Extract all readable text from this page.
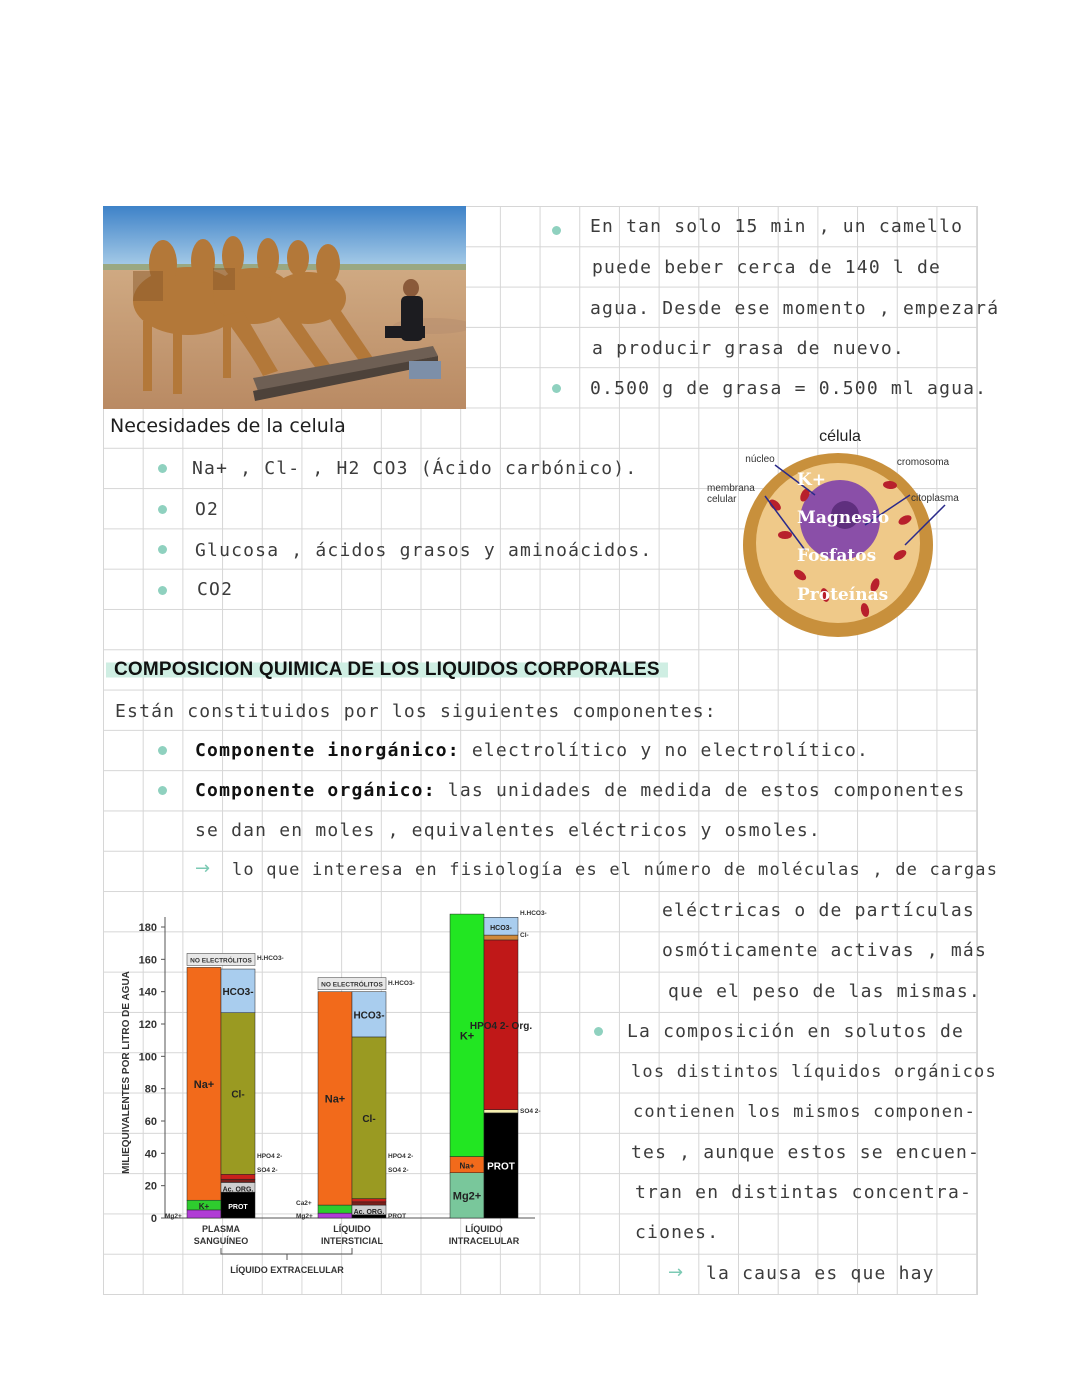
En tan solo 15 min , un camello
puede beber cerca de 140 l de
agua. Desde ese momento , empezará
a producir grasa de nuevo.
0.500 g de grasa = 0.500 ml agua.
Necesidades de la celula
Na+ , Cl- , H2 CO3 (Ácido carbónico).
O2
Glucosa , ácidos grasos y aminoácidos.
CO2
célula
núcleo	cromosoma
membrana celular	citoplasma
K+
Magnesio
Fosfatos
Proteínas
COMPOSICION QUIMICA DE LOS LIQUIDOS CORPORALES
Están constituidos por los siguientes componentes:
Componente inorgánico: electrolítico y no electrolítico.
Componente orgánico: las unidades de medida de estos componentes
se dan en moles , equivalentes eléctricos y osmoles.
→ lo que interesa en fisiología es el número de moléculas , de cargas
eléctricas o de partículas
osmóticamente activas , más
que el peso de las mismas.
La composición en solutos de
los distintos líquidos orgánicos
contienen los mismos componen-
tes , aunque estos se encuen-
tran en distintas concentra-
ciones.
→ la causa es que hay
0
20
40
60
80
100
120
140
160
180
MILIEQUIVALENTES POR LITRO DE AGUA
K+
Na+
PROT
Ac. ORG.
Cl-
HCO3-
NO ELECTRÓLITOS H.HCO3-
HPO4 2-
SO4 2-
Mg2+
PLASMA
SANGUÍNEO
Na+
Ac. ORG.
Cl-
HCO3-
NO ELECTRÓLITOS H.HCO3-
HPO4 2-
SO4 2-
PROT
Ca2+
Mg2+
LÍQUIDO
INTERSTICIAL
Mg2+
Na+
K+
PROT
HPO4 2- Org.
HCO3-
H.HCO3-
Cl-
SO4 2-
LÍQUIDO
INTRACELULAR
LÍQUIDO EXTRACELULAR
